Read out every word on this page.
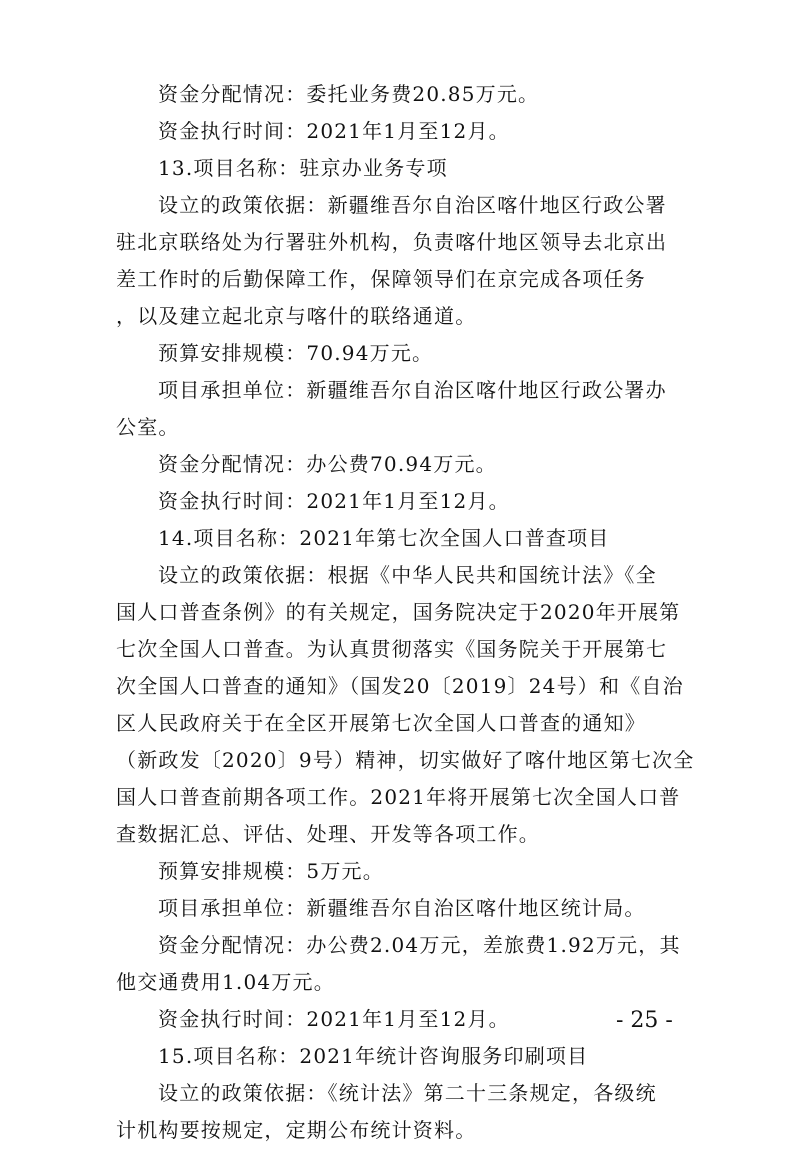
资金分配情况：委托业务费20.85万元。
资金执行时间：2021年1月至12月。
13.项目名称：驻京办业务专项
设立的政策依据：新疆维吾尔自治区喀什地区行政公署
驻北京联络处为行署驻外机构，负责喀什地区领导去北京出
差工作时的后勤保障工作，保障领导们在京完成各项任务
，以及建立起北京与喀什的联络通道。
预算安排规模：70.94万元。
项目承担单位：新疆维吾尔自治区喀什地区行政公署办
公室。
资金分配情况：办公费70.94万元。
资金执行时间：2021年1月至12月。
14.项目名称：2021年第七次全国人口普查项目
设立的政策依据：根据《中华人民共和国统计法》《全
国人口普查条例》的有关规定，国务院决定于2020年开展第
七次全国人口普查。为认真贯彻落实《国务院关于开展第七
次全国人口普查的通知》（国发20〔2019〕24号）和《自治
区人民政府关于在全区开展第七次全国人口普查的通知》
（新政发〔2020〕9号）精神，切实做好了喀什地区第七次全
国人口普查前期各项工作。2021年将开展第七次全国人口普
查数据汇总、评估、处理、开发等各项工作。
预算安排规模：5万元。
项目承担单位：新疆维吾尔自治区喀什地区统计局。
资金分配情况：办公费2.04万元，差旅费1.92万元，其
他交通费用1.04万元。
资金执行时间：2021年1月至12月。
15.项目名称：2021年统计咨询服务印刷项目
设立的政策依据：《统计法》第二十三条规定，各级统
计机构要按规定，定期公布统计资料。
- 25 -
